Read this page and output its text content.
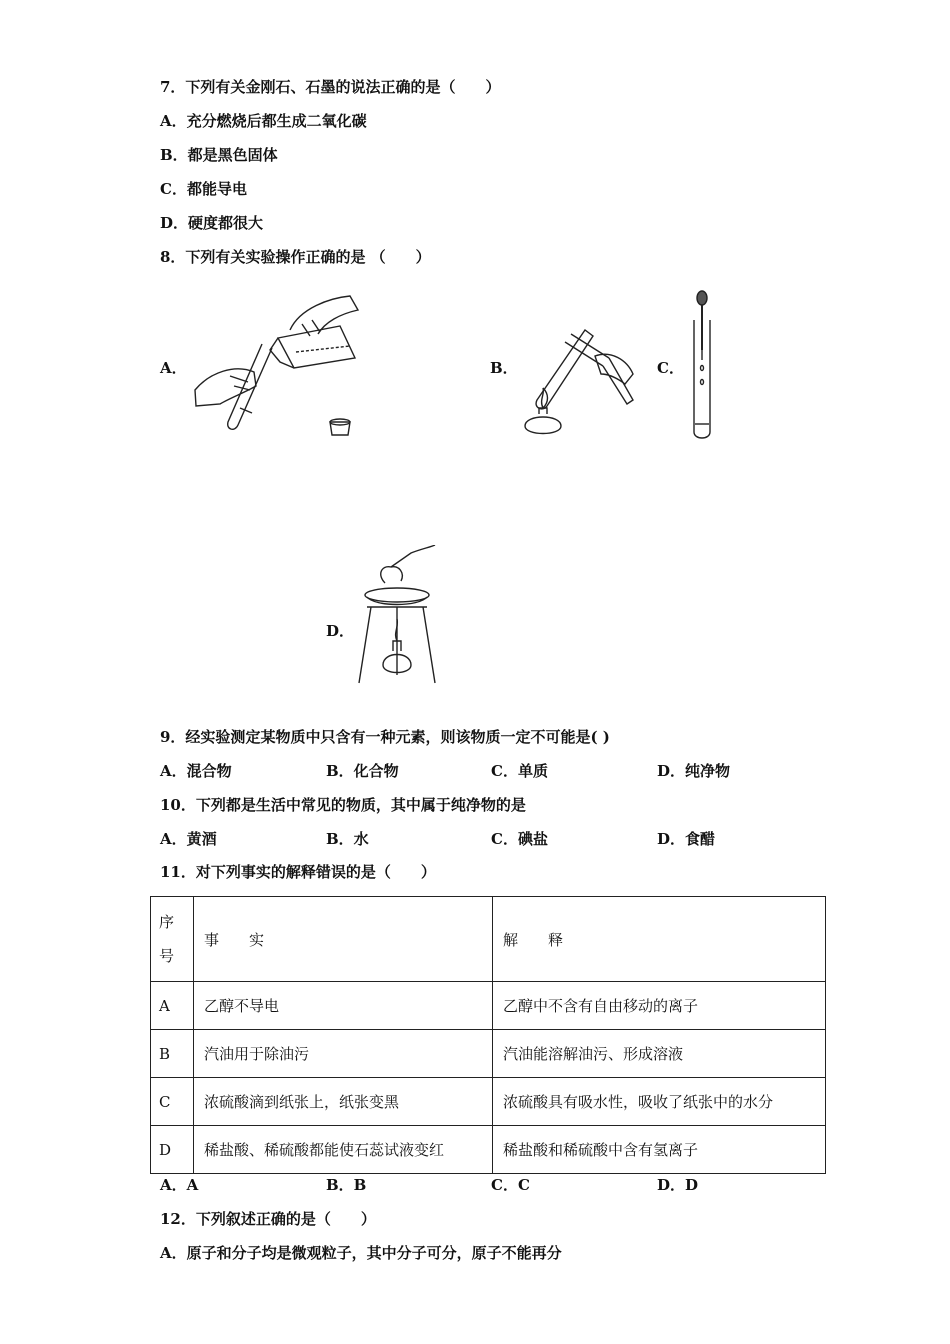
7．下列有关金刚石、石墨的说法正确的是（　　）
A．充分燃烧后都生成二氧化碳
B．都是黑色固体
C．都能导电
D．硬度都很大
8．下列有关实验操作正确的是 （　　）
A．	B．	C．
D．
9．经实验测定某物质中只含有一种元素，则该物质一定不可能是( )
A．混合物	B．化合物	C．单质	D．纯净物
10．下列都是生活中常见的物质，其中属于纯净物的是
A．黄酒	B．水	C．碘盐	D．食醋
11．对下列事实的解释错误的是（　　）
序
号	事　　实	解　　释
A	乙醇不导电	乙醇中不含有自由移动的离子
B	汽油用于除油污	汽油能溶解油污、形成溶液
C	浓硫酸滴到纸张上，纸张变黑	浓硫酸具有吸水性，吸收了纸张中的水分
D	稀盐酸、稀硫酸都能使石蕊试液变红	稀盐酸和稀硫酸中含有氢离子
A．A	B．B	C．C	D．D
12．下列叙述正确的是（　　）
A．原子和分子均是微观粒子，其中分子可分，原子不能再分
